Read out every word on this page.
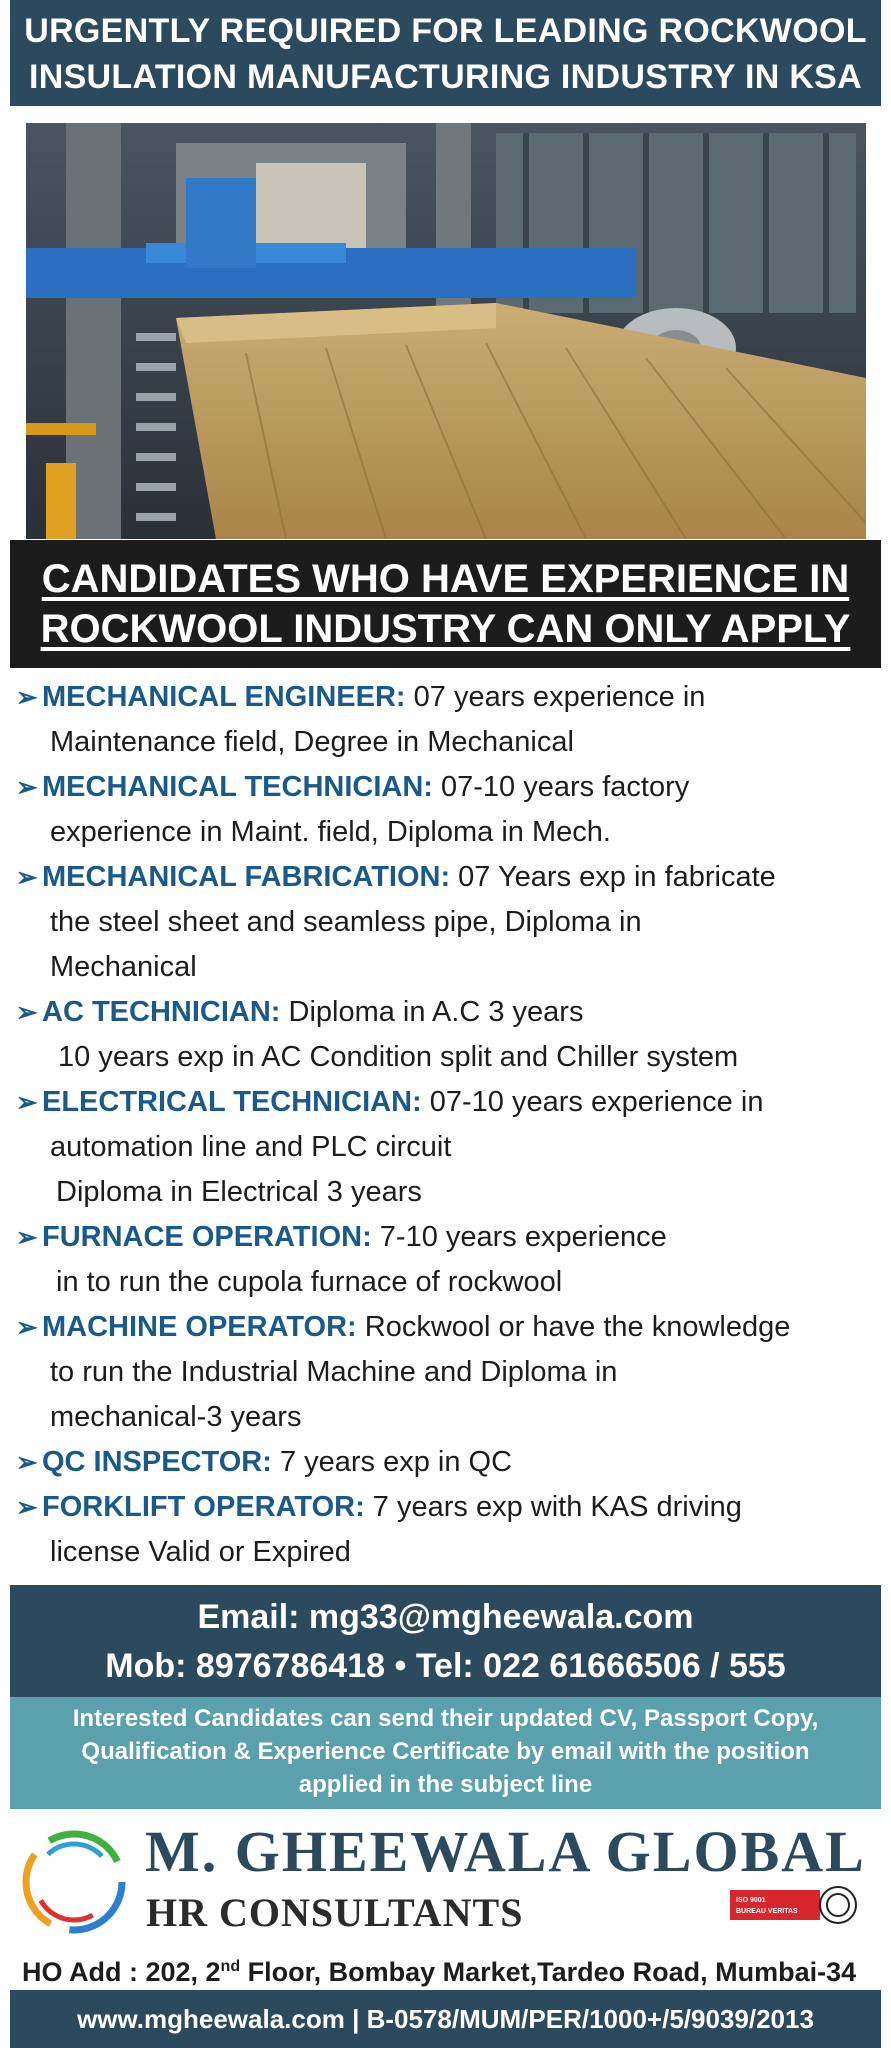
URGENTLY REQUIRED FOR LEADING ROCKWOOL
INSULATION MANUFACTURING INDUSTRY IN KSA
CANDIDATES WHO HAVE EXPERIENCE IN
ROCKWOOL INDUSTRY CAN ONLY APPLY
➢ MECHANICAL ENGINEER: 07 years experience in
Maintenance field, Degree in Mechanical
➢ MECHANICAL TECHNICIAN: 07-10 years factory
experience in Maint. field, Diploma in Mech.
➢ MECHANICAL FABRICATION: 07 Years exp in fabricate
the steel sheet and seamless pipe, Diploma in
Mechanical
➢ AC TECHNICIAN: Diploma in A.C 3 years
10 years exp in AC Condition split and Chiller system
➢ ELECTRICAL TECHNICIAN: 07-10 years experience in
automation line and PLC circuit
Diploma in Electrical 3 years
➢ FURNACE OPERATION: 7-10 years experience
in to run the cupola furnace of rockwool
➢ MACHINE OPERATOR: Rockwool or have the knowledge
to run the Industrial Machine and Diploma in
mechanical-3 years
➢ QC INSPECTOR: 7 years exp in QC
➢ FORKLIFT OPERATOR: 7 years exp with KAS driving
license Valid or Expired
Email: mg33@mgheewala.com
Mob: 8976786418 • Tel: 022 61666506 / 555
Interested Candidates can send their updated CV, Passport Copy,
Qualification & Experience Certificate by email with the position
applied in the subject line
M. GHEEWALA GLOBAL
HR CONSULTANTS	ISO 9001
BUREAU VERITAS
HO Add : 202, 2nd Floor, Bombay Market,Tardeo Road, Mumbai-34
www.mgheewala.com | B-0578/MUM/PER/1000+/5/9039/2013
